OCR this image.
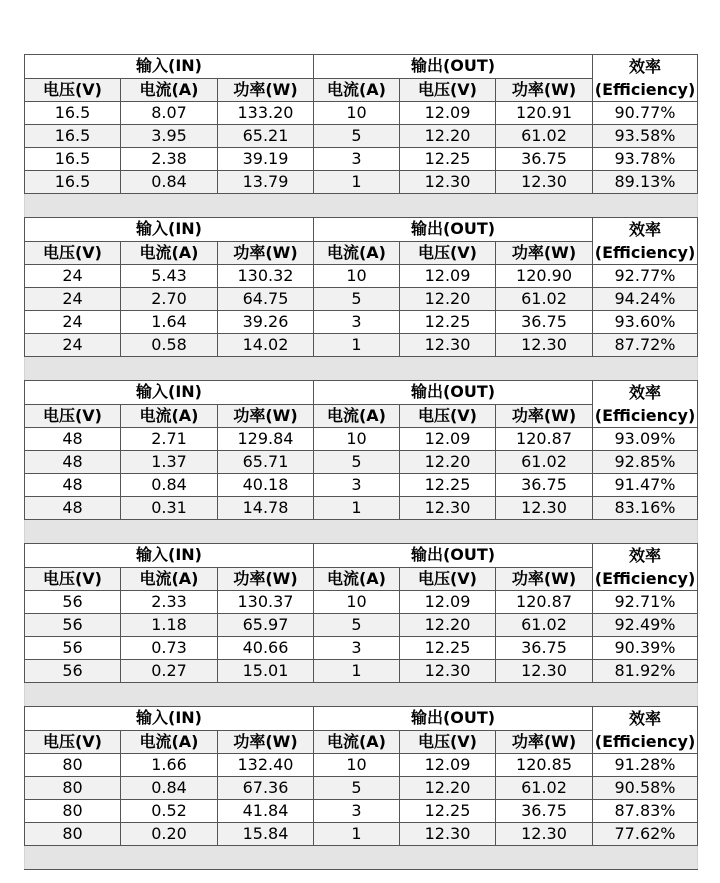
输入(IN)			输出(OUT)			效率
(Efficiency)

电压(V)	电流(A)	功率(W)	电流(A)	电压(V)	功率(W)	
16.5	8.07	133.20	10	12.09	120.91	90.77%
16.5	3.95	65.21	5	12.20	61.02	93.58%
16.5	2.38	39.19	3	12.25	36.75	93.78%
16.5	0.84	13.79	1	12.30	12.30	89.13%

输入(IN)			输出(OUT)			效率
(Efficiency)

电压(V)	电流(A)	功率(W)	电流(A)	电压(V)	功率(W)	
24	5.43	130.32	10	12.09	120.90	92.77%
24	2.70	64.75	5	12.20	61.02	94.24%
24	1.64	39.26	3	12.25	36.75	93.60%
24	0.58	14.02	1	12.30	12.30	87.72%

输入(IN)			输出(OUT)			效率
(Efficiency)

电压(V)	电流(A)	功率(W)	电流(A)	电压(V)	功率(W)	
48	2.71	129.84	10	12.09	120.87	93.09%
48	1.37	65.71	5	12.20	61.02	92.85%
48	0.84	40.18	3	12.25	36.75	91.47%
48	0.31	14.78	1	12.30	12.30	83.16%

输入(IN)			输出(OUT)			效率
(Efficiency)

电压(V)	电流(A)	功率(W)	电流(A)	电压(V)	功率(W)	
56	2.33	130.37	10	12.09	120.87	92.71%
56	1.18	65.97	5	12.20	61.02	92.49%
56	0.73	40.66	3	12.25	36.75	90.39%
56	0.27	15.01	1	12.30	12.30	81.92%

输入(IN)			输出(OUT)			效率
(Efficiency)

电压(V)	电流(A)	功率(W)	电流(A)	电压(V)	功率(W)	
80	1.66	132.40	10	12.09	120.85	91.28%
80	0.84	67.36	5	12.20	61.02	90.58%
80	0.52	41.84	3	12.25	36.75	87.83%
80	0.20	15.84	1	12.30	12.30	77.62%
